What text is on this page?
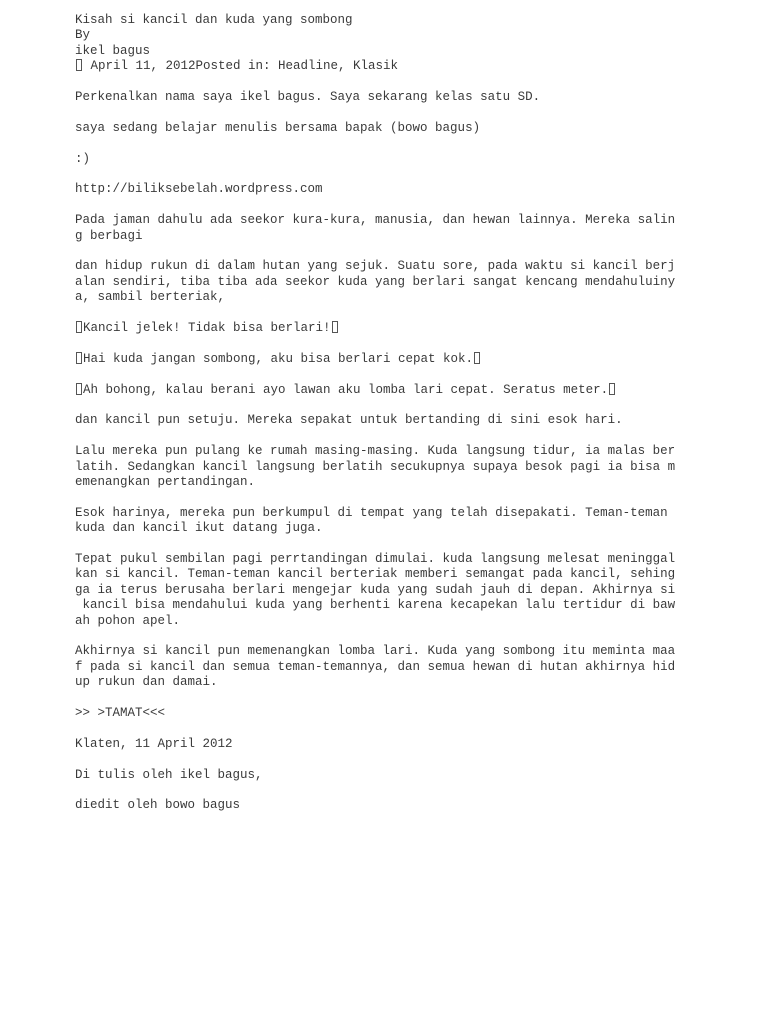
Kisah si kancil dan kuda yang sombong
By
ikel bagus
April 11, 2012Posted in: Headline, Klasik
Perkenalkan nama saya ikel bagus. Saya sekarang kelas satu SD.
saya sedang belajar menulis bersama bapak (bowo bagus)
:)
http://biliksebelah.wordpress.com
Pada jaman dahulu ada seekor kura-kura, manusia, dan hewan lainnya. Mereka salin
g berbagi
dan hidup rukun di dalam hutan yang sejuk. Suatu sore, pada waktu si kancil berj
alan sendiri, tiba tiba ada seekor kuda yang berlari sangat kencang mendahuluiny
a, sambil berteriak,
Kancil jelek! Tidak bisa berlari!
Hai kuda jangan sombong, aku bisa berlari cepat kok.
Ah bohong, kalau berani ayo lawan aku lomba lari cepat. Seratus meter.
dan kancil pun setuju. Mereka sepakat untuk bertanding di sini esok hari.
Lalu mereka pun pulang ke rumah masing-masing. Kuda langsung tidur, ia malas ber
latih. Sedangkan kancil langsung berlatih secukupnya supaya besok pagi ia bisa m
emenangkan pertandingan.
Esok harinya, mereka pun berkumpul di tempat yang telah disepakati. Teman-teman
kuda dan kancil ikut datang juga.
Tepat pukul sembilan pagi perrtandingan dimulai. kuda langsung melesat meninggal
kan si kancil. Teman-teman kancil berteriak memberi semangat pada kancil, sehing
ga ia terus berusaha berlari mengejar kuda yang sudah jauh di depan. Akhirnya si
kancil bisa mendahului kuda yang berhenti karena kecapekan lalu tertidur di baw
ah pohon apel.
Akhirnya si kancil pun memenangkan lomba lari. Kuda yang sombong itu meminta maa
f pada si kancil dan semua teman-temannya, dan semua hewan di hutan akhirnya hid
up rukun dan damai.
>> >TAMAT<<<
Klaten, 11 April 2012
Di tulis oleh ikel bagus,
diedit oleh bowo bagus
